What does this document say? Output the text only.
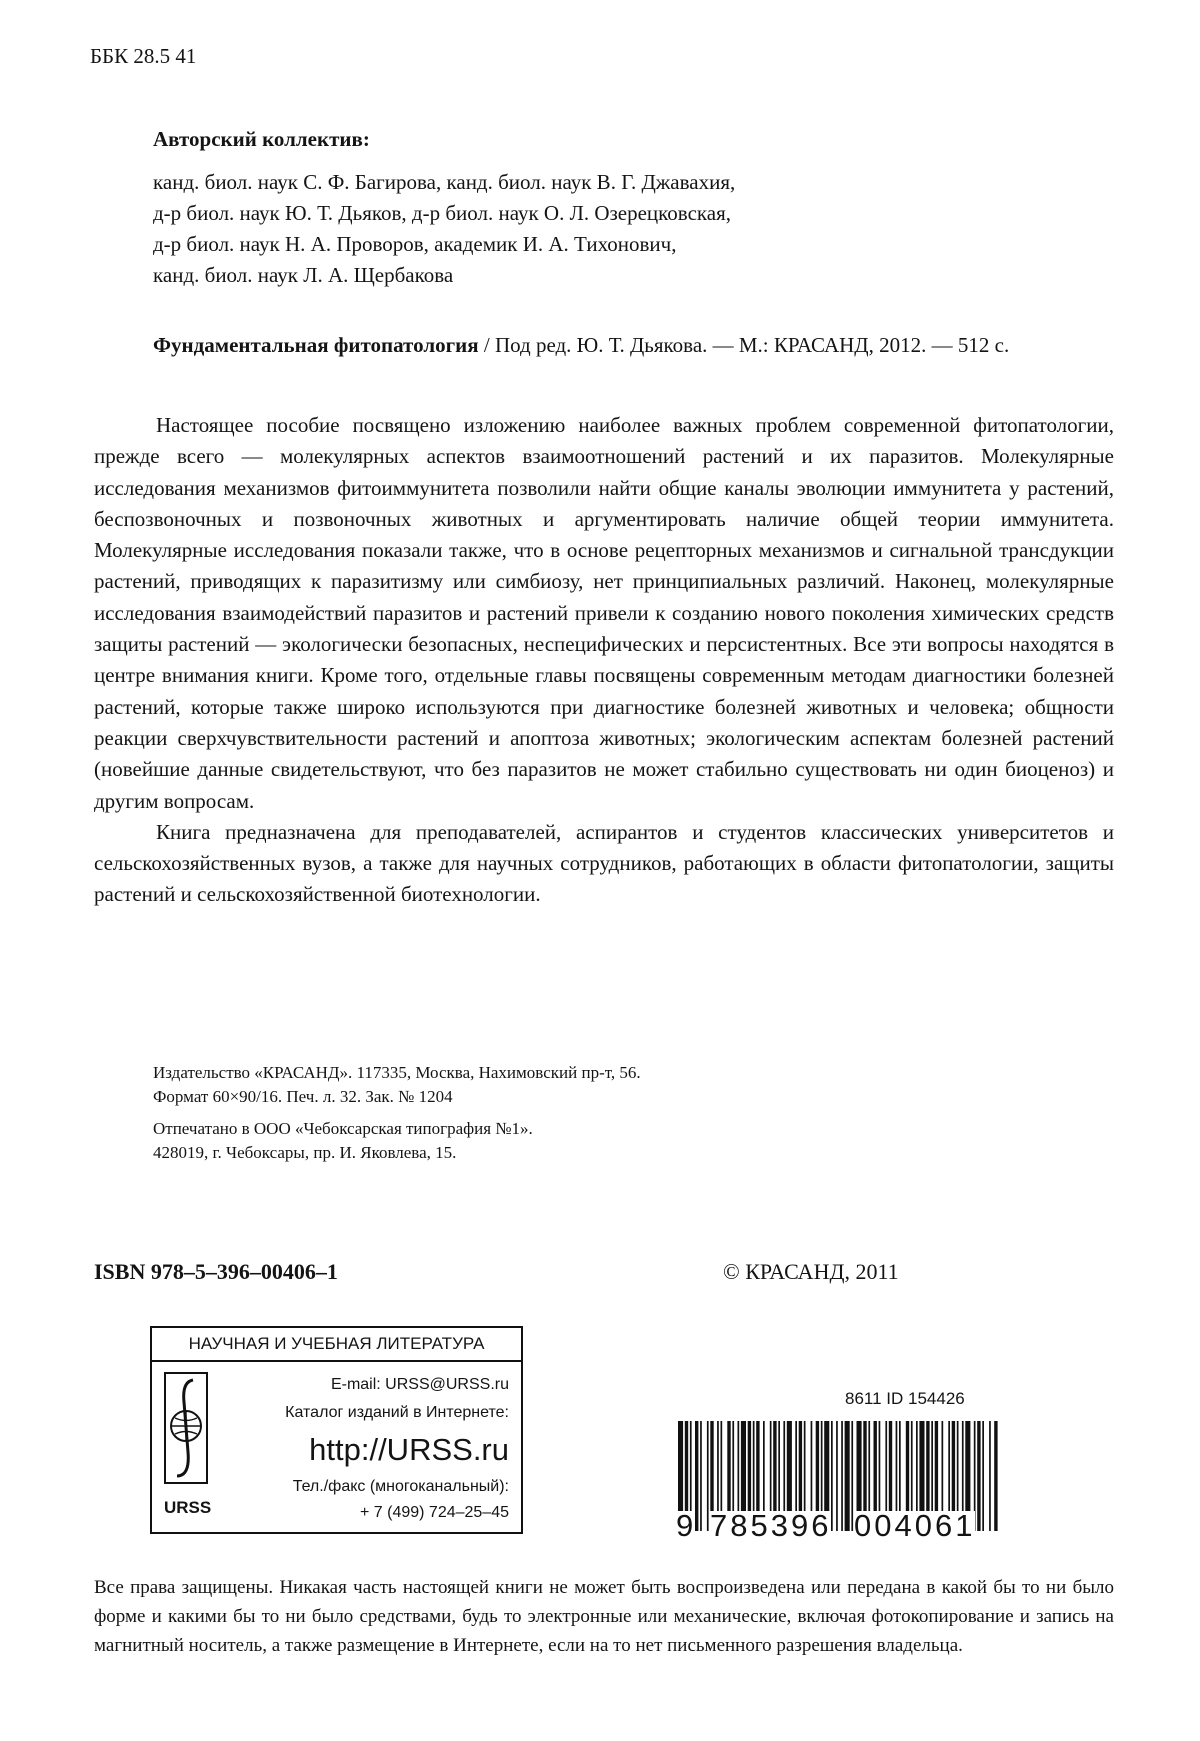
ББК 28.5 41
Авторский коллектив:
канд. биол. наук С. Ф. Багирова, канд. биол. наук В. Г. Джавахия,
д-р биол. наук Ю. Т. Дьяков, д-р биол. наук О. Л. Озерецковская,
д-р биол. наук Н. А. Проворов, академик И. А. Тихонович,
канд. биол. наук Л. А. Щербакова
Фундаментальная фитопатология / Под ред. Ю. Т. Дьякова. — М.: КРАСАНД, 2012. — 512 с.

Настоящее пособие посвящено изложению наиболее важных проблем современной фитопатологии, прежде всего — молекулярных аспектов взаимоотношений растений и их паразитов. Молекулярные исследования механизмов фитоиммунитета позволили найти общие каналы эволюции иммунитета у растений, беспозвоночных и позвоночных животных и аргументировать наличие общей теории иммунитета. Молекулярные исследования показали также, что в основе рецепторных механизмов и сигнальной трансдукции растений, приводящих к паразитизму или симбиозу, нет принципиальных различий. Наконец, молекулярные исследования взаимодействий паразитов и растений привели к созданию нового поколения химических средств защиты растений — экологически безопасных, неспецифических и персистентных. Все эти вопросы находятся в центре внимания книги. Кроме того, отдельные главы посвящены современным методам диагностики болезней растений, которые также широко используются при диагностике болезней животных и человека; общности реакции сверхчувствительности растений и апоптоза животных; экологическим аспектам болезней растений (новейшие данные свидетельствуют, что без паразитов не может стабильно существовать ни один биоценоз) и другим вопросам.

Книга предназначена для преподавателей, аспирантов и студентов классических университетов и сельскохозяйственных вузов, а также для научных сотрудников, работающих в области фитопатологии, защиты растений и сельскохозяйственной биотехнологии.

Издательство «КРАСАНД». 117335, Москва, Нахимовский пр-т, 56.
Формат 60×90/16. Печ. л. 32. Зак. № 1204
Отпечатано в ООО «Чебоксарская типография №1».
428019, г. Чебоксары, пр. И. Яковлева, 15.
ISBN 978–5–396–00406–1	© КРАСАНД, 2011
НАУЧНАЯ И УЧЕБНАЯ ЛИТЕРАТУРА
URSS
E-mail: URSS@URSS.ru
Каталог изданий в Интернете:
http://URSS.ru
Тел./факс (многоканальный):
+ 7 (499) 724–25–45
8611 ID 154426
9 785396 004061
Все права защищены. Никакая часть настоящей книги не может быть воспроизведена или передана в какой бы то ни было форме и какими бы то ни было средствами, будь то электронные или механические, включая фотокопирование и запись на магнитный носитель, а также размещение в Интернете, если на то нет письменного разрешения владельца.
